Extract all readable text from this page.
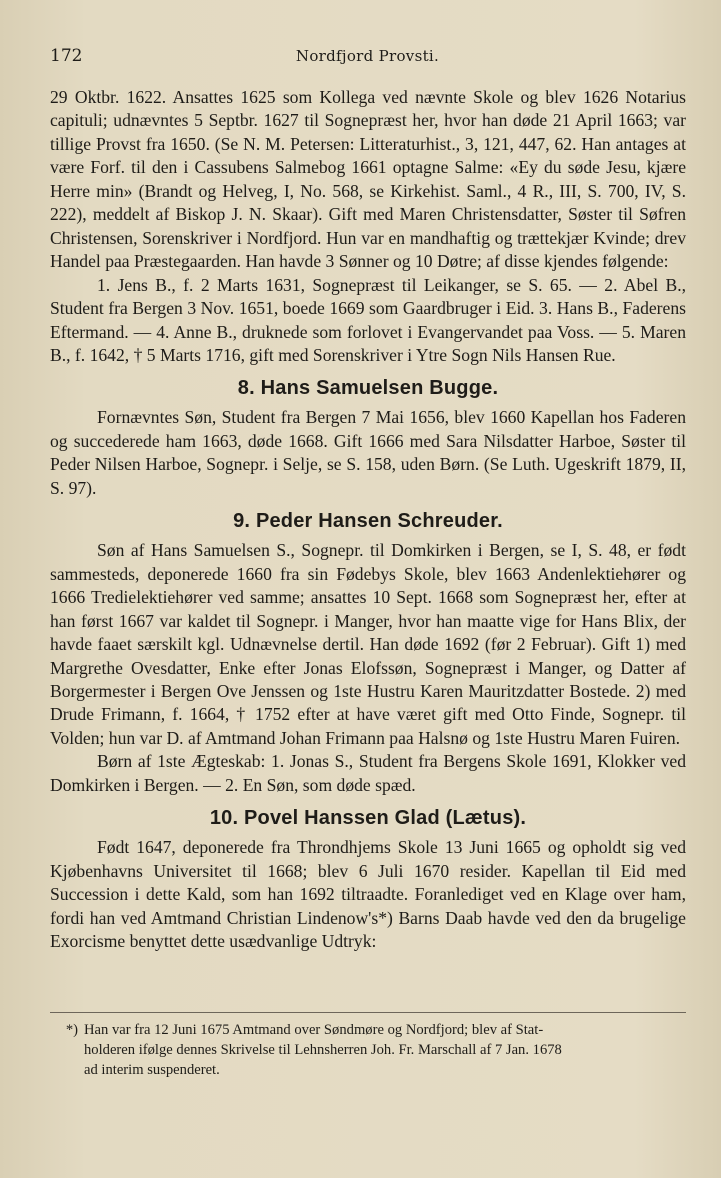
172	Nordfjord Provsti.

29 Oktbr. 1622. Ansattes 1625 som Kollega ved nævnte Skole og blev 1626 Notarius capituli; udnævntes 5 Septbr. 1627 til Sognepræst her, hvor han døde 21 April 1663; var tillige Provst fra 1650. (Se N. M. Petersen: Litteraturhist., 3, 121, 447, 62. Han antages at være Forf. til den i Cassubens Salmebog 1661 optagne Salme: «Ey du søde Jesu, kjære Herre min» (Brandt og Helveg, I, No. 568, se Kirkehist. Saml., 4 R., III, S. 700, IV, S. 222), meddelt af Biskop J. N. Skaar). Gift med Maren Christensdatter, Søster til Søfren Christensen, Sorenskriver i Nordfjord. Hun var en mandhaftig og trættekjær Kvinde; drev Handel paa Præstegaarden. Han havde 3 Sønner og 10 Døtre; af disse kjendes følgende:

1. Jens B., f. 2 Marts 1631, Sognepræst til Leikanger, se S. 65. — 2. Abel B., Student fra Bergen 3 Nov. 1651, boede 1669 som Gaardbruger i Eid. 3. Hans B., Faderens Eftermand. — 4. Anne B., druknede som forlovet i Evangervandet paa Voss. — 5. Maren B., f. 1642, † 5 Marts 1716, gift med Sorenskriver i Ytre Sogn Nils Hansen Rue.

8. Hans Samuelsen Bugge.

Fornævntes Søn, Student fra Bergen 7 Mai 1656, blev 1660 Kapellan hos Faderen og succederede ham 1663, døde 1668. Gift 1666 med Sara Nilsdatter Harboe, Søster til Peder Nilsen Harboe, Sognepr. i Selje, se S. 158, uden Børn. (Se Luth. Ugeskrift 1879, II, S. 97).

9. Peder Hansen Schreuder.

Søn af Hans Samuelsen S., Sognepr. til Domkirken i Bergen, se I, S. 48, er født sammesteds, deponerede 1660 fra sin Fødebys Skole, blev 1663 Andenlektiehører og 1666 Tredielektiehører ved samme; ansattes 10 Sept. 1668 som Sognepræst her, efter at han først 1667 var kaldet til Sognepr. i Manger, hvor han maatte vige for Hans Blix, der havde faaet særskilt kgl. Udnævnelse dertil. Han døde 1692 (før 2 Februar). Gift 1) med Margrethe Ovesdatter, Enke efter Jonas Elofssøn, Sognepræst i Manger, og Datter af Borgermester i Bergen Ove Jenssen og 1ste Hustru Karen Mauritzdatter Bostede. 2) med Drude Frimann, f. 1664, † 1752 efter at have været gift med Otto Finde, Sognepr. til Volden; hun var D. af Amtmand Johan Frimann paa Halsnø og 1ste Hustru Maren Fuiren.

Børn af 1ste Ægteskab: 1. Jonas S., Student fra Bergens Skole 1691, Klokker ved Domkirken i Bergen. — 2. En Søn, som døde spæd.

10. Povel Hanssen Glad (Lætus).

Født 1647, deponerede fra Throndhjems Skole 13 Juni 1665 og opholdt sig ved Kjøbenhavns Universitet til 1668; blev 6 Juli 1670 resider. Kapellan til Eid med Succession i dette Kald, som han 1692 tiltraadte. Foranlediget ved en Klage over ham, fordi han ved Amtmand Christian Lindenow's*) Barns Daab havde ved den da brugelige Exorcisme benyttet dette usædvanlige Udtryk:

*) Han var fra 12 Juni 1675 Amtmand over Søndmøre og Nordfjord; blev af Stat-
holderen ifølge dennes Skrivelse til Lehnsherren Joh. Fr. Marschall af 7 Jan. 1678
ad interim suspenderet.
